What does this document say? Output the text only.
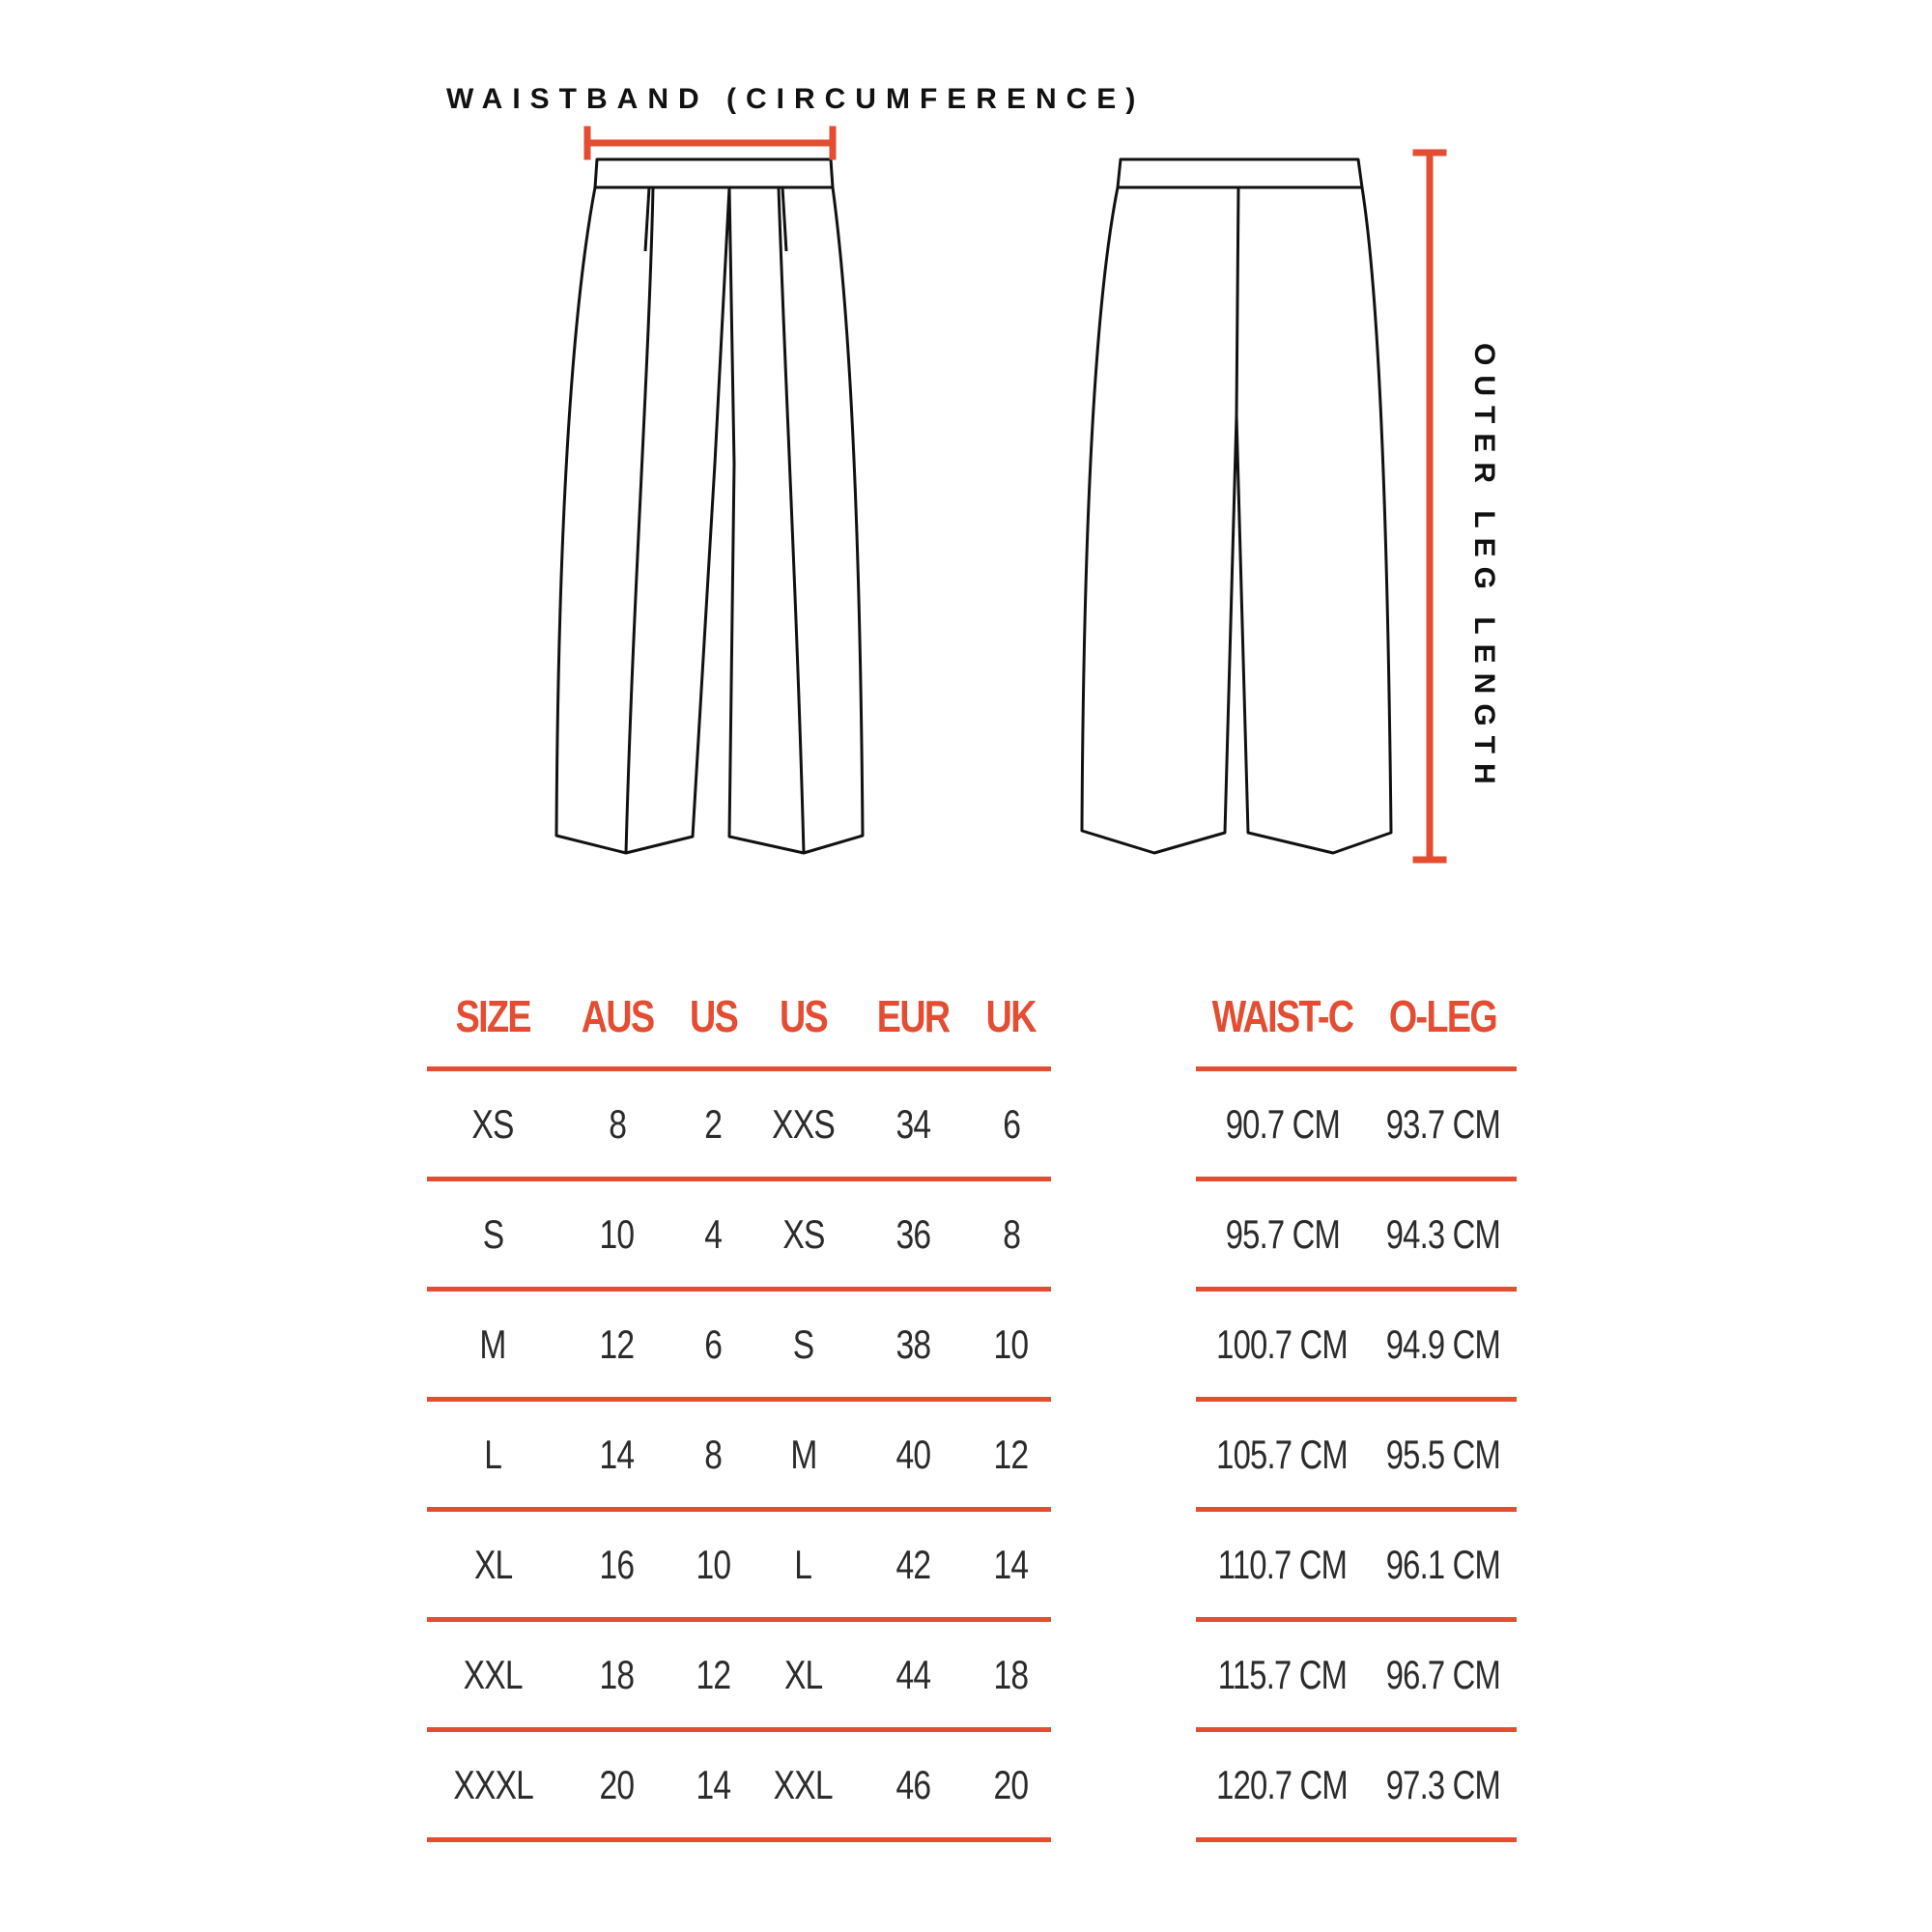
WAISTBAND (CIRCUMFERENCE)
OUTER LEG LENGTH
SIZE	AUS	US	US	EUR	UK
XS	8	2	XXS	34	6
S	10	4	XS	36	8
M	12	6	S	38	10
L	14	8	M	40	12
XL	16	10	L	42	14
XXL	18	12	XL	44	18
XXXL	20	14	XXL	46	20
WAIST-C	O-LEG
90.7 CM	93.7 CM
95.7 CM	94.3 CM
100.7 CM	94.9 CM
105.7 CM	95.5 CM
110.7 CM	96.1 CM
115.7 CM	96.7 CM
120.7 CM	97.3 CM
